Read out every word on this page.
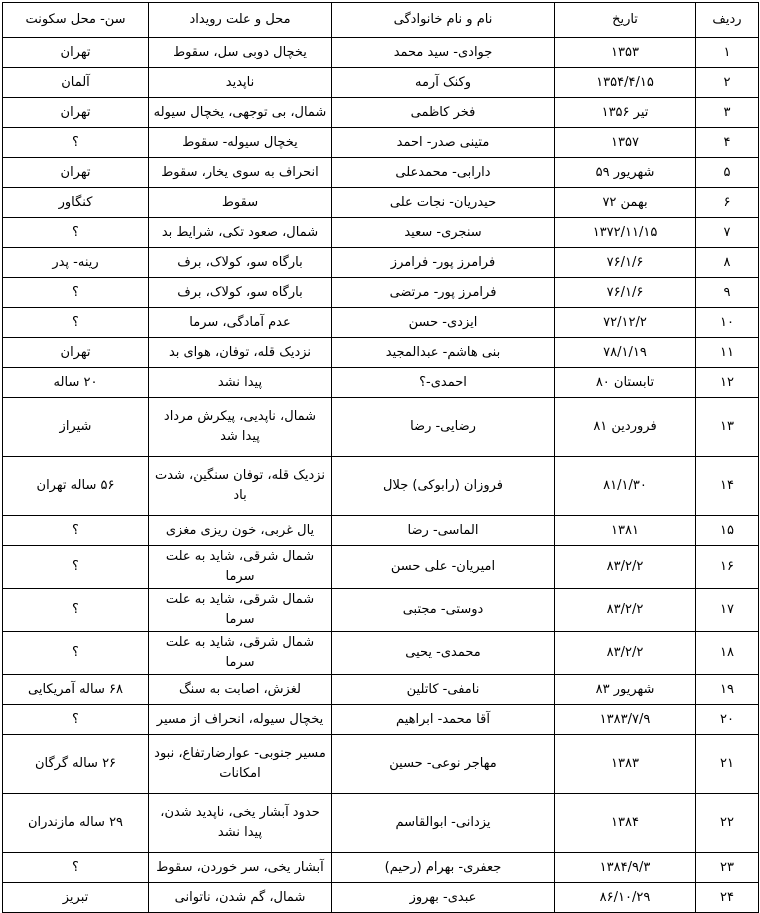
ردیف	تاریخ	نام و نام خانوادگی	محل و علت رویداد	سن- محل سکونت
۱	۱۳۵۳	جوادی- سید محمد	یخچال دوبی سل، سقوط	تهران
۲	۱۳۵۴/۴/۱۵	وکنک آرمه	ناپدید	آلمان
۳	تیر ۱۳۵۶	فخر کاظمی	شمال، بی توجهی، یخچال سیوله	تهران
۴	۱۳۵۷	متینی صدر- احمد	یخچال سیوله- سقوط	؟
۵	شهریور ۵۹	دارابی- محمدعلی	انحراف به سوی یخار، سقوط	تهران
۶	بهمن ۷۲	حیدریان- نجات علی	سقوط	کنگاور
۷	۱۳۷۲/۱۱/۱۵	سنجری- سعید	شمال، صعود تکی، شرایط بد	؟
۸	۷۶/۱/۶	فرامرز پور- فرامرز	بارگاه سو، کولاک، برف	رینه- پدر
۹	۷۶/۱/۶	فرامرز پور- مرتضی	بارگاه سو، کولاک، برف	؟
۱۰	۷۲/۱۲/۲	ایزدی- حسن	عدم آمادگی، سرما	؟
۱۱	۷۸/۱/۱۹	بنی هاشم- عبدالمجید	نزدیک قله، توفان، هوای بد	تهران
۱۲	تابستان ۸۰	احمدی-؟	پیدا نشد	۲۰ ساله
۱۳	فروردین ۸۱	رضایی- رضا	شمال، ناپدیی، پیکرش مرداد پیدا شد	شیراز
۱۴	۸۱/۱/۳۰	فروزان (رابوکی) جلال	نزدیک قله، توفان سنگین، شدت باد	۵۶ ساله تهران
۱۵	۱۳۸۱	الماسی- رضا	یال غربی، خون ریزی مغزی	؟
۱۶	۸۳/۲/۲	امیریان- علی حسن	شمال شرقی، شاید به علت سرما	؟
۱۷	۸۳/۲/۲	دوستی- مجتبی	شمال شرقی، شاید به علت سرما	؟
۱۸	۸۳/۲/۲	محمدی- یحیی	شمال شرقی، شاید به علت سرما	؟
۱۹	شهریور ۸۳	نامفی- کاتلین	لغزش، اصابت به سنگ	۶۸ ساله آمریکایی
۲۰	۱۳۸۳/۷/۹	آقا محمد- ابراهیم	یخچال سیوله، انحراف از مسیر	؟
۲۱	۱۳۸۳	مهاجر نوعی- حسین	مسیر جنوبی- عوارضارتفاع، نبود امکانات	۲۶ ساله گرگان
۲۲	۱۳۸۴	یزدانی- ابوالقاسم	حدود آبشار یخی، ناپدید شدن، پیدا نشد	۲۹ ساله مازندران
۲۳	۱۳۸۴/۹/۳	جعفری- بهرام (رحیم)	آبشار یخی، سر خوردن، سقوط	؟
۲۴	۸۶/۱۰/۲۹	عبدی- بهروز	شمال، گم شدن، ناتوانی	تبریز
